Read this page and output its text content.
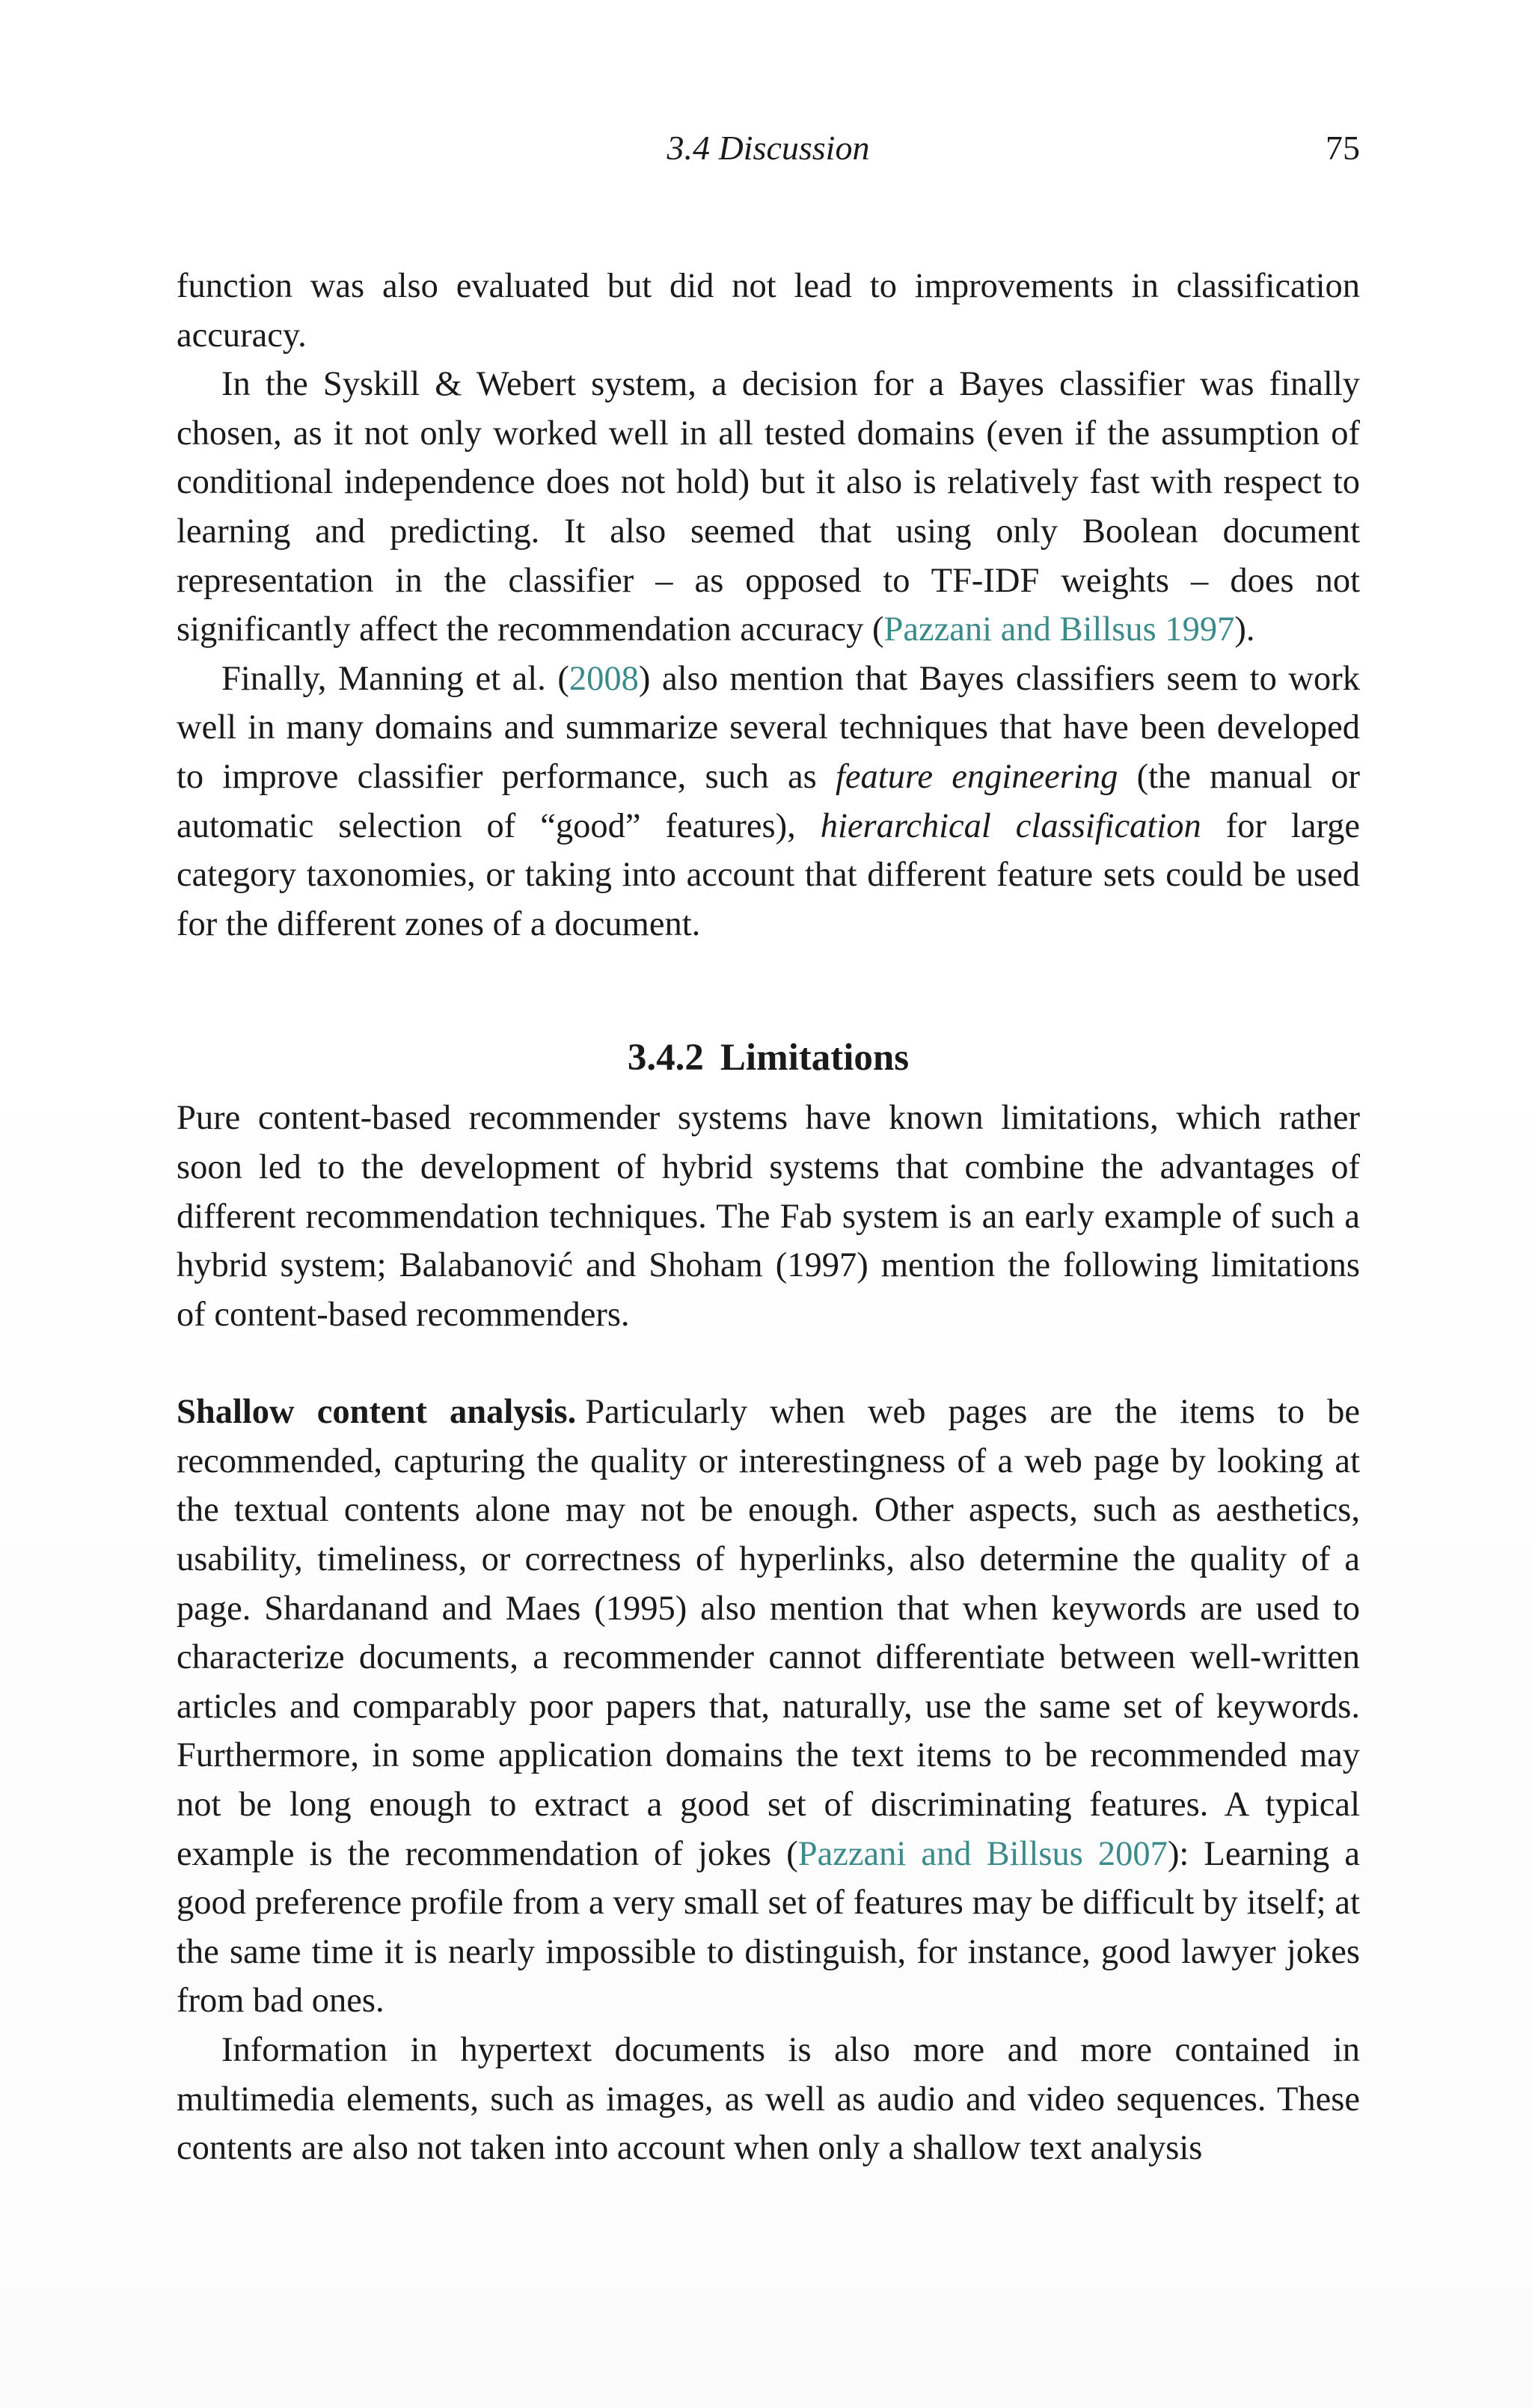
3.4 Discussion	75

function was also evaluated but did not lead to improvements in classification accuracy.

In the Syskill & Webert system, a decision for a Bayes classifier was finally chosen, as it not only worked well in all tested domains (even if the assumption of conditional independence does not hold) but it also is relatively fast with respect to learning and predicting. It also seemed that using only Boolean document representation in the classifier – as opposed to TF-IDF weights – does not significantly affect the recommendation accuracy (Pazzani and Billsus 1997).

Finally, Manning et al. (2008) also mention that Bayes classifiers seem to work well in many domains and summarize several techniques that have been developed to improve classifier performance, such as feature engineering (the manual or automatic selection of “good” features), hierarchical classification for large category taxonomies, or taking into account that different feature sets could be used for the different zones of a document.

3.4.2 Limitations

Pure content-based recommender systems have known limitations, which rather soon led to the development of hybrid systems that combine the advantages of different recommendation techniques. The Fab system is an early example of such a hybrid system; Balabanović and Shoham (1997) mention the following limitations of content-based recommenders.

Shallow content analysis. Particularly when web pages are the items to be recommended, capturing the quality or interestingness of a web page by looking at the textual contents alone may not be enough. Other aspects, such as aesthetics, usability, timeliness, or correctness of hyperlinks, also determine the quality of a page. Shardanand and Maes (1995) also mention that when keywords are used to characterize documents, a recommender cannot differentiate between well-written articles and comparably poor papers that, naturally, use the same set of keywords. Furthermore, in some application domains the text items to be recommended may not be long enough to extract a good set of discriminating features. A typical example is the recommendation of jokes (Pazzani and Billsus 2007): Learning a good preference profile from a very small set of features may be difficult by itself; at the same time it is nearly impossible to distinguish, for instance, good lawyer jokes from bad ones.

Information in hypertext documents is also more and more contained in multimedia elements, such as images, as well as audio and video sequences. These contents are also not taken into account when only a shallow text analysis
